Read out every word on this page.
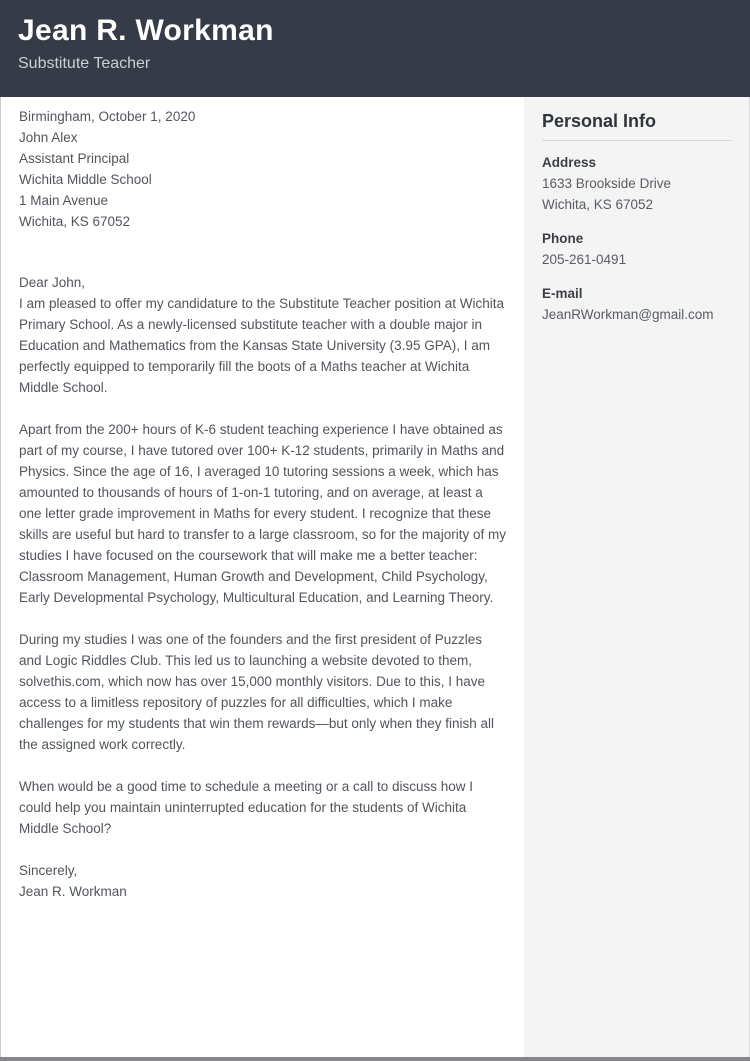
Jean R. Workman

Substitute Teacher

Birmingham, October 1, 2020

John Alex

Assistant Principal

Wichita Middle School

1 Main Avenue

Wichita, KS 67052

Dear John,

I am pleased to offer my candidature to the Substitute Teacher position at Wichita Primary School. As a newly-licensed substitute teacher with a double major in Education and Mathematics from the Kansas State University (3.95 GPA), I am perfectly equipped to temporarily fill the boots of a Maths teacher at Wichita Middle School.

Apart from the 200+ hours of K-6 student teaching experience I have obtained as part of my course, I have tutored over 100+ K-12 students, primarily in Maths and Physics. Since the age of 16, I averaged 10 tutoring sessions a week, which has amounted to thousands of hours of 1-on-1 tutoring, and on average, at least a one letter grade improvement in Maths for every student. I recognize that these skills are useful but hard to transfer to a large classroom, so for the majority of my studies I have focused on the coursework that will make me a better teacher: Classroom Management, Human Growth and Development, Child Psychology, Early Developmental Psychology, Multicultural Education, and Learning Theory.

During my studies I was one of the founders and the first president of Puzzles and Logic Riddles Club. This led us to launching a website devoted to them, solvethis.com, which now has over 15,000 monthly visitors. Due to this, I have access to a limitless repository of puzzles for all difficulties, which I make challenges for my students that win them rewards—but only when they finish all the assigned work correctly.

When would be a good time to schedule a meeting or a call to discuss how I could help you maintain uninterrupted education for the students of Wichita Middle School?

Sincerely,

Jean R. Workman

Personal Info

Address

1633 Brookside Drive

Wichita, KS 67052

Phone

205-261-0491

E-mail

JeanRWorkman@gmail.com
